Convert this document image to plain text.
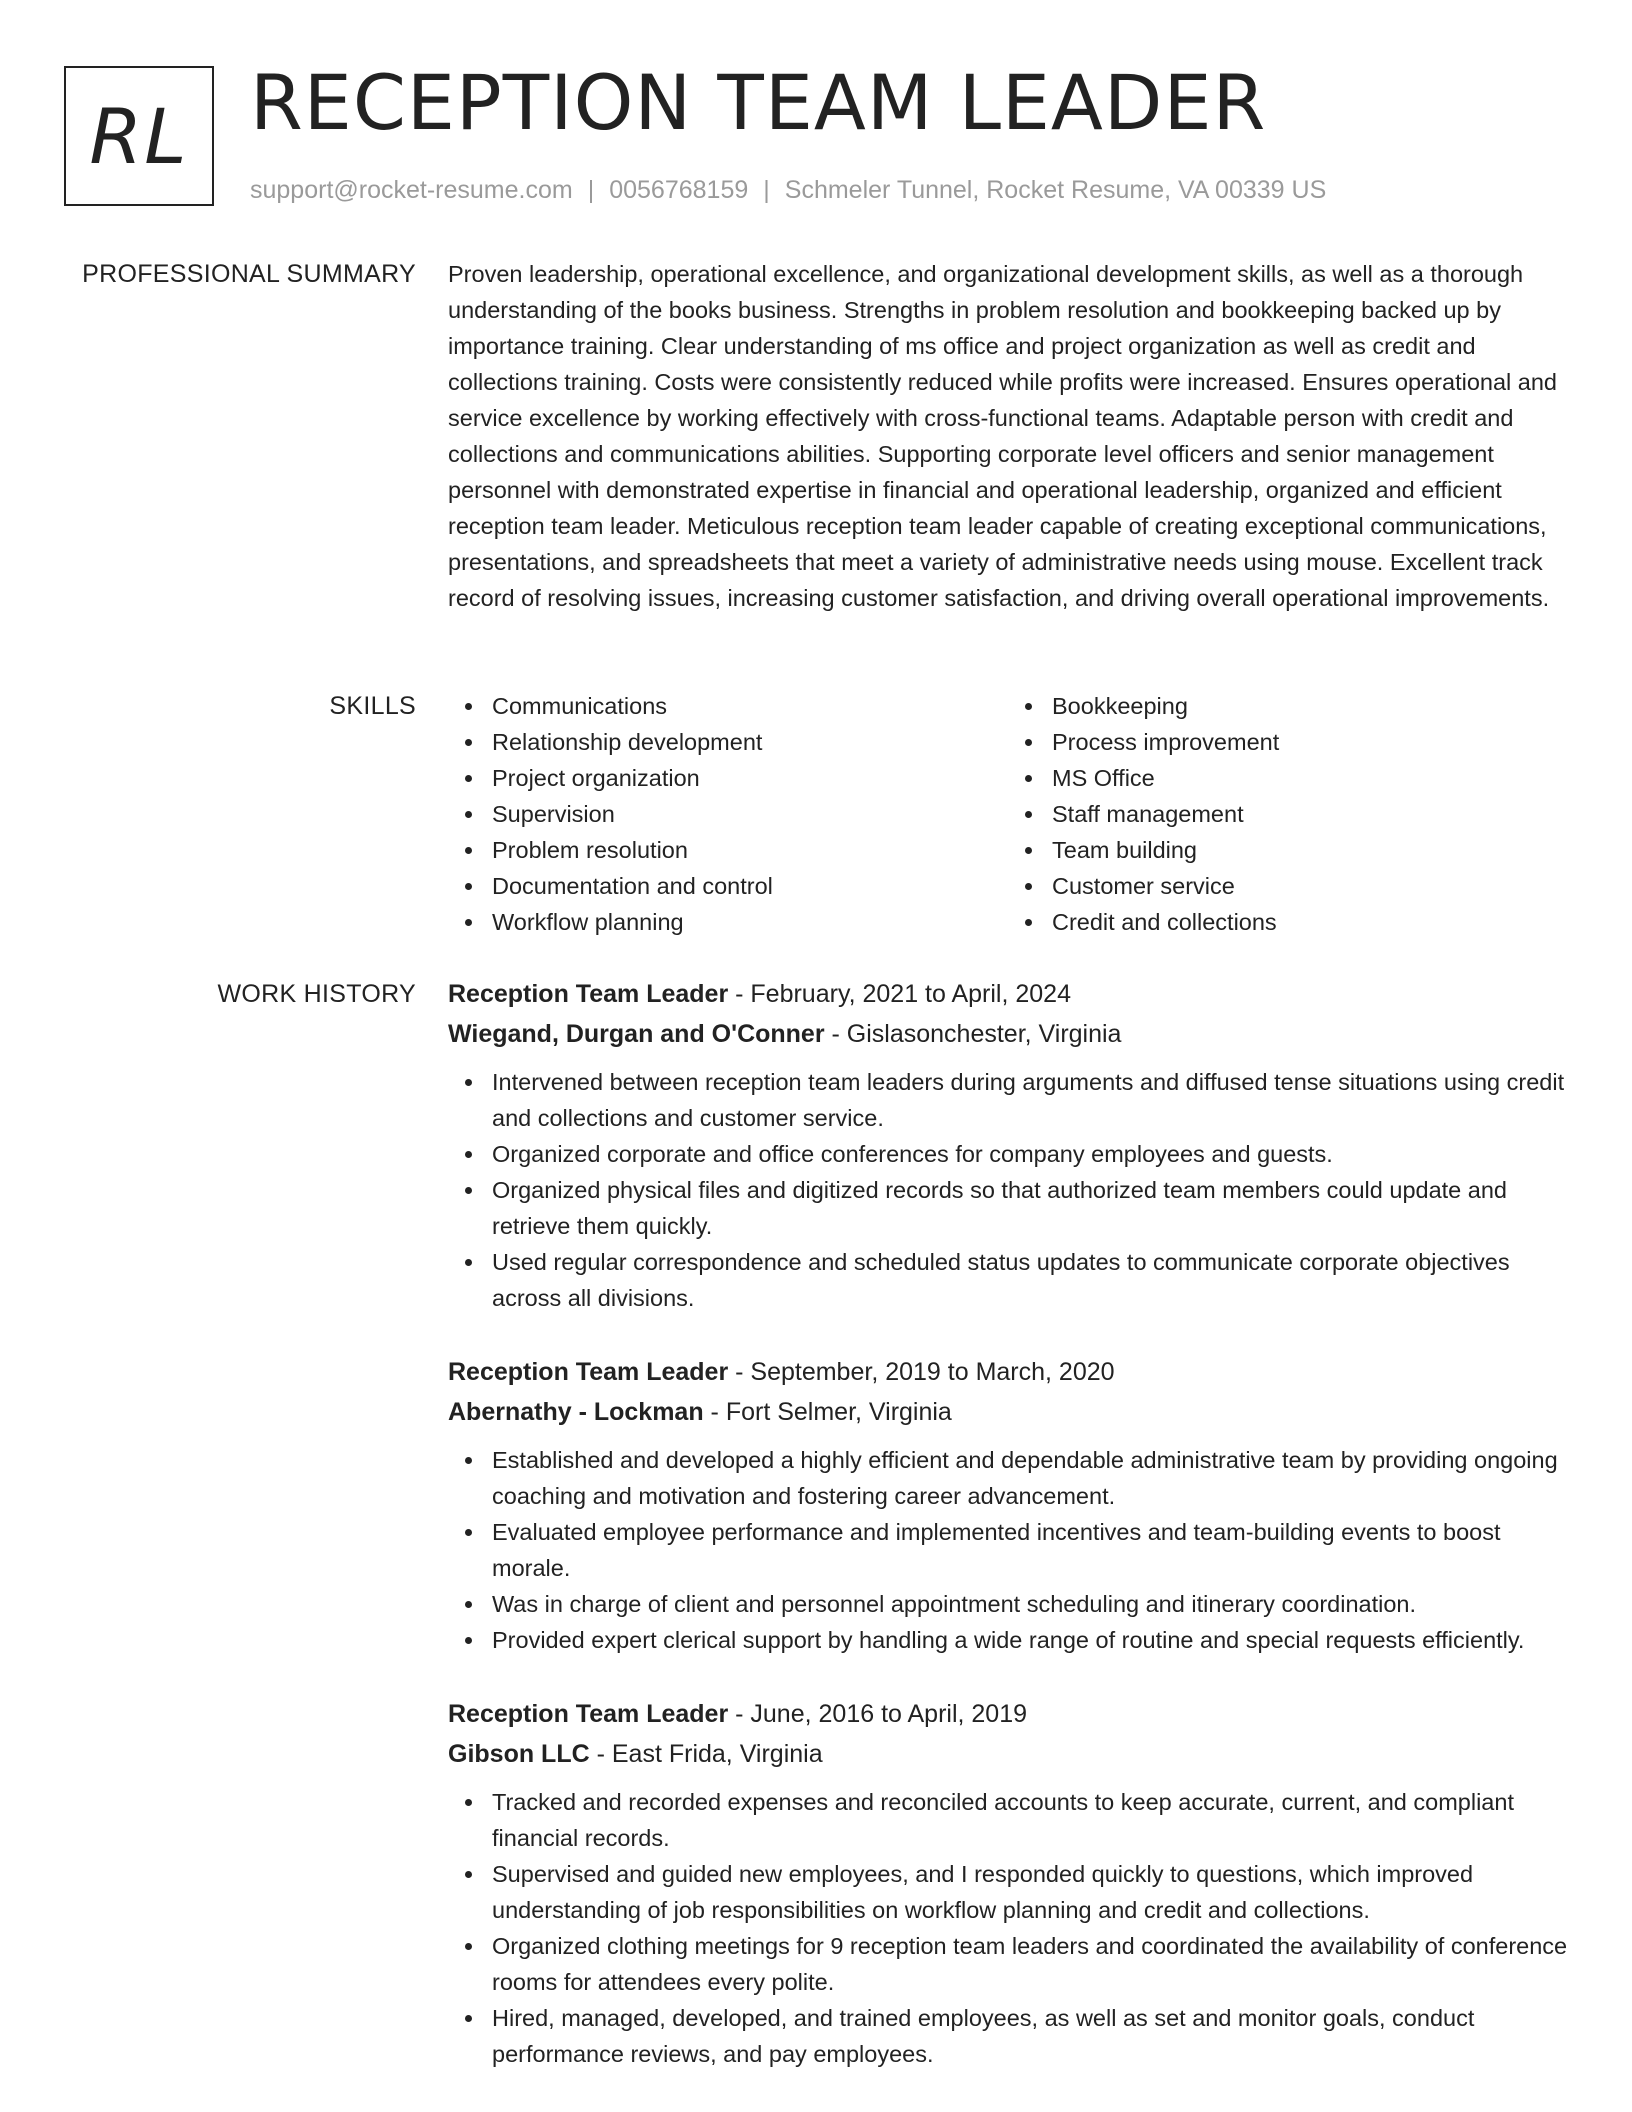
RL RECEPTION TEAM LEADER
support@rocket-resume.com | 0056768159 | Schmeler Tunnel, Rocket Resume, VA 00339 US
PROFESSIONAL SUMMARY Proven leadership, operational excellence, and organizational development skills, as well as a thorough understanding of the books business. Strengths in problem resolution and bookkeeping backed up by importance training. Clear understanding of ms office and project organization as well as credit and collections training. Costs were consistently reduced while profits were increased. Ensures operational and service excellence by working effectively with cross-functional teams. Adaptable person with credit and collections and communications abilities. Supporting corporate level officers and senior management personnel with demonstrated expertise in financial and operational leadership, organized and efficient reception team leader. Meticulous reception team leader capable of creating exceptional communications, presentations, and spreadsheets that meet a variety of administrative needs using mouse. Excellent track record of resolving issues, increasing customer satisfaction, and driving overall operational improvements.

SKILLS	Communications
Relationship development
Project organization
Supervision
Problem resolution
Documentation and control
Workflow planning
Bookkeeping
Process improvement
MS Office
Staff management
Team building
Customer service
Credit and collections
WORK HISTORY Reception Team Leader - February, 2021 to April, 2024
Wiegand, Durgan and O'Conner - Gislasonchester, Virginia
Intervened between reception team leaders during arguments and diffused tense situations using credit and collections and customer service.
Organized corporate and office conferences for company employees and guests.
Organized physical files and digitized records so that authorized team members could update and retrieve them quickly.
Used regular correspondence and scheduled status updates to communicate corporate objectives across all divisions.
Reception Team Leader - September, 2019 to March, 2020
Abernathy - Lockman - Fort Selmer, Virginia
Established and developed a highly efficient and dependable administrative team by providing ongoing coaching and motivation and fostering career advancement.
Evaluated employee performance and implemented incentives and team-building events to boost morale.
Was in charge of client and personnel appointment scheduling and itinerary coordination.
Provided expert clerical support by handling a wide range of routine and special requests efficiently.
Reception Team Leader - June, 2016 to April, 2019
Gibson LLC - East Frida, Virginia
Tracked and recorded expenses and reconciled accounts to keep accurate, current, and compliant financial records.
Supervised and guided new employees, and I responded quickly to questions, which improved understanding of job responsibilities on workflow planning and credit and collections.
Organized clothing meetings for 9 reception team leaders and coordinated the availability of conference rooms for attendees every polite.
Hired, managed, developed, and trained employees, as well as set and monitor goals, conduct performance reviews, and pay employees.
